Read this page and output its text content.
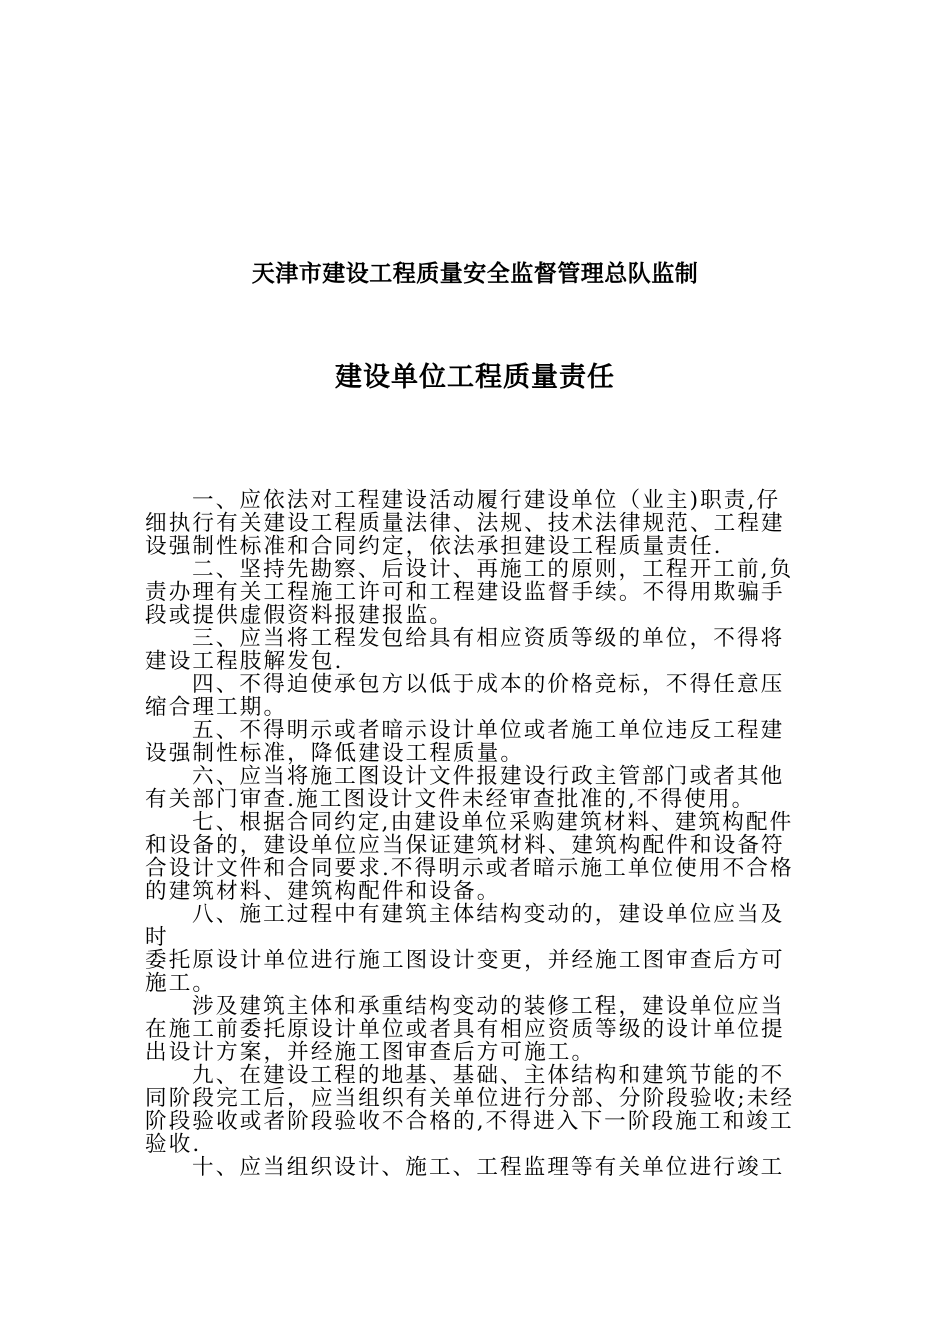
天津市建设工程质量安全监督管理总队监制
建设单位工程质量责任
一、应依法对工程建设活动履行建设单位（业主)职责,仔
细执行有关建设工程质量法律、法规、技术法律规范、工程建
设强制性标准和合同约定，依法承担建设工程质量责任.
二、坚持先勘察、后设计、再施工的原则，工程开工前,负
责办理有关工程施工许可和工程建设监督手续。不得用欺骗手
段或提供虚假资料报建报监。
三、应当将工程发包给具有相应资质等级的单位，不得将
建设工程肢解发包.
四、不得迫使承包方以低于成本的价格竞标，不得任意压
缩合理工期。
五、不得明示或者暗示设计单位或者施工单位违反工程建
设强制性标准，降低建设工程质量。
六、应当将施工图设计文件报建设行政主管部门或者其他
有关部门审查.施工图设计文件未经审查批准的,不得使用。
七、根据合同约定,由建设单位采购建筑材料、建筑构配件
和设备的，建设单位应当保证建筑材料、建筑构配件和设备符
合设计文件和合同要求.不得明示或者暗示施工单位使用不合格
的建筑材料、建筑构配件和设备。
八、施工过程中有建筑主体结构变动的，建设单位应当及
时
委托原设计单位进行施工图设计变更，并经施工图审查后方可
施工。
涉及建筑主体和承重结构变动的装修工程，建设单位应当
在施工前委托原设计单位或者具有相应资质等级的设计单位提
出设计方案，并经施工图审查后方可施工。
九、在建设工程的地基、基础、主体结构和建筑节能的不
同阶段完工后，应当组织有关单位进行分部、分阶段验收;未经
阶段验收或者阶段验收不合格的,不得进入下一阶段施工和竣工
验收.
十、应当组织设计、施工、工程监理等有关单位进行竣工
